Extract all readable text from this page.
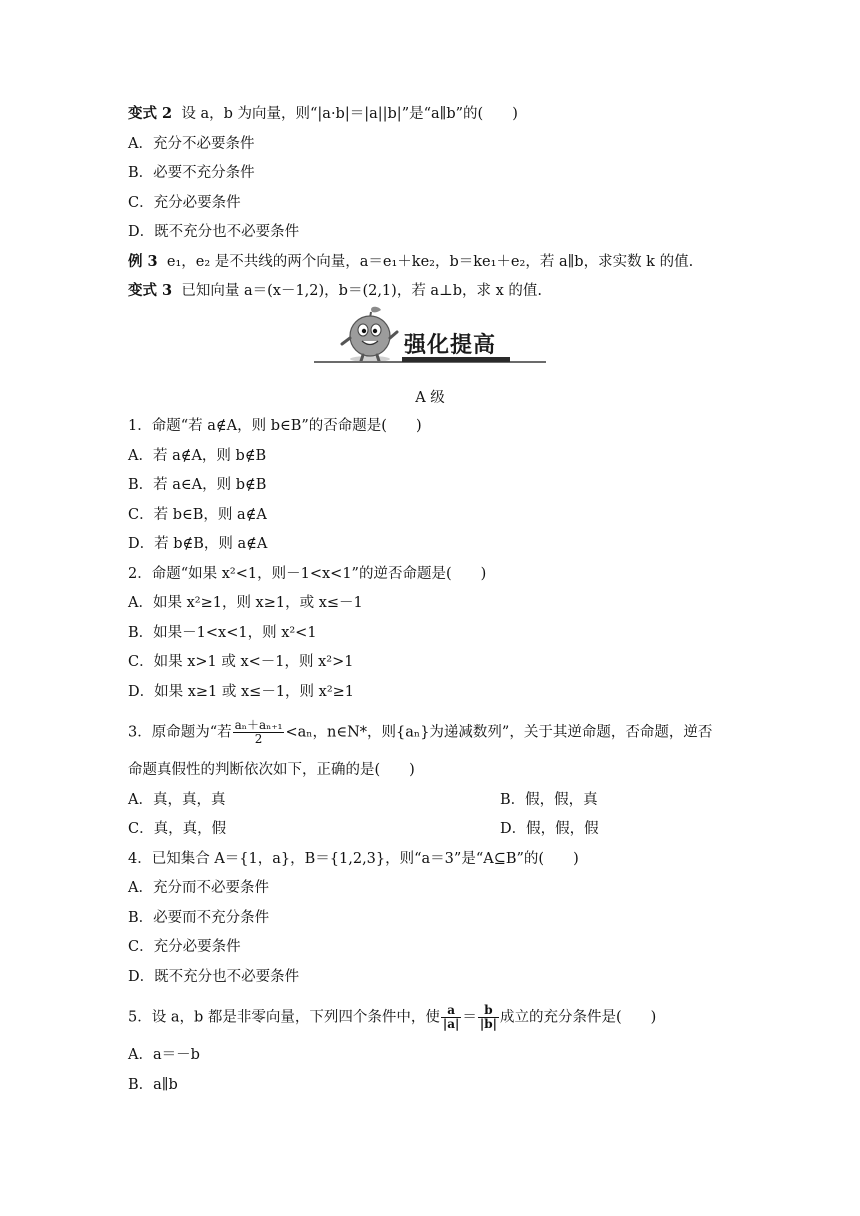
变式 2 设 a，b 为向量，则“|a·b|＝|a||b|”是“a∥b”的(　　)
A．充分不必要条件
B．必要不充分条件
C．充分必要条件
D．既不充分也不必要条件
例 3 e₁，e₂ 是不共线的两个向量，a＝e₁＋ke₂，b＝ke₁＋e₂，若 a∥b，求实数 k 的值.
变式 3 已知向量 a＝(x－1,2)，b＝(2,1)，若 a⊥b，求 x 的值.
强化提高
A 级
1．命题“若 a∉A，则 b∈B”的否命题是(　　)
A．若 a∉A，则 b∉B
B．若 a∈A，则 b∉B
C．若 b∈B，则 a∉A
D．若 b∉B，则 a∉A
2．命题“如果 x²<1，则－1<x<1”的逆否命题是(　　)
A．如果 x²≥1，则 x≥1，或 x≤－1
B．如果－1<x<1，则 x²<1
C．如果 x>1 或 x<－1，则 x²>1
D．如果 x≥1 或 x≤－1，则 x²≥1
3．原命题为“若 $\frac{\text{aₙ＋aₙ₊₁}}{2} <a_n$，n∈N*，则{aₙ}为递减数列”，关于其逆命题，否命题，逆否
命题真假性的判断依次如下，正确的是(　　)
A．真，真，真	B．假，假，真
C．真，真，假	D．假，假，假
4．已知集合 A＝{1，a}，B＝{1,2,3}，则“a＝3”是“A⊆B”的(　　)
A．充分而不必要条件
B．必要而不充分条件
C．充分必要条件
D．既不充分也不必要条件
5．设 a，b 都是非零向量，下列四个条件中，使 $\frac{a}{|a|} = \frac{b}{|b|}$ 成立的充分条件是(　　)
A．a＝－b
B．a∥b
